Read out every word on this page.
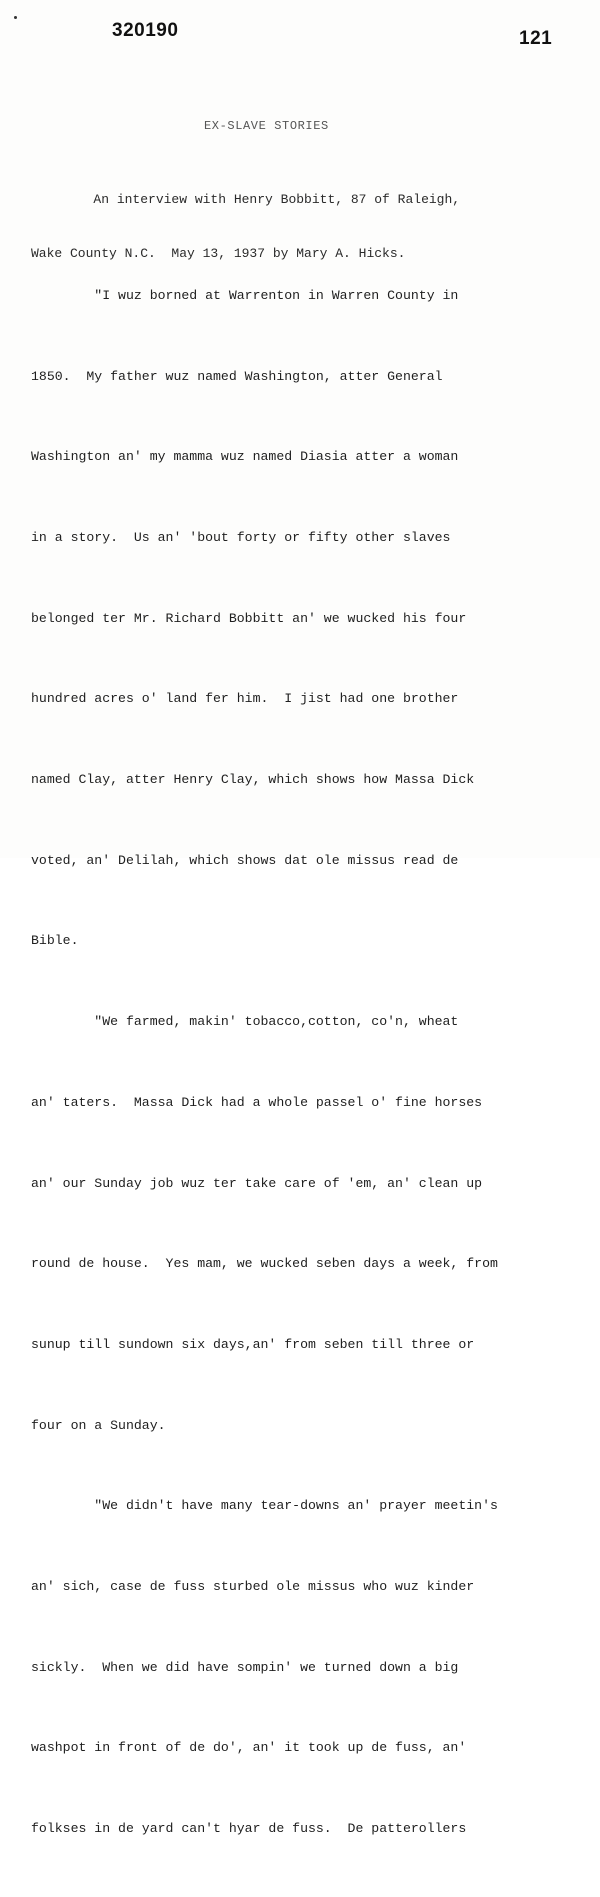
320190	121
EX-SLAVE STORIES

An interview with Henry Bobbitt, 87 of Raleigh,

Wake County N.C.  May 13, 1937 by Mary A. Hicks.

"I wuz borned at Warrenton in Warren County in

1850.  My father wuz named Washington, atter General

Washington an' my mamma wuz named Diasia atter a woman

in a story.  Us an' 'bout forty or fifty other slaves

belonged ter Mr. Richard Bobbitt an' we wucked his four

hundred acres o' land fer him.  I jist had one brother

named Clay, atter Henry Clay, which shows how Massa Dick

voted, an' Delilah, which shows dat ole missus read de

Bible.

"We farmed, makin' tobacco,cotton, co'n, wheat

an' taters.  Massa Dick had a whole passel o' fine horses

an' our Sunday job wuz ter take care of 'em, an' clean up

round de house.  Yes mam, we wucked seben days a week, from

sunup till sundown six days,an' from seben till three or

four on a Sunday.

"We didn't have many tear-downs an' prayer meetin's

an' sich, case de fuss sturbed ole missus who wuz kinder

sickly.  When we did have sompin' we turned down a big

washpot in front of de do', an' it took up de fuss, an'

folkses in de yard can't hyar de fuss.  De patterollers
